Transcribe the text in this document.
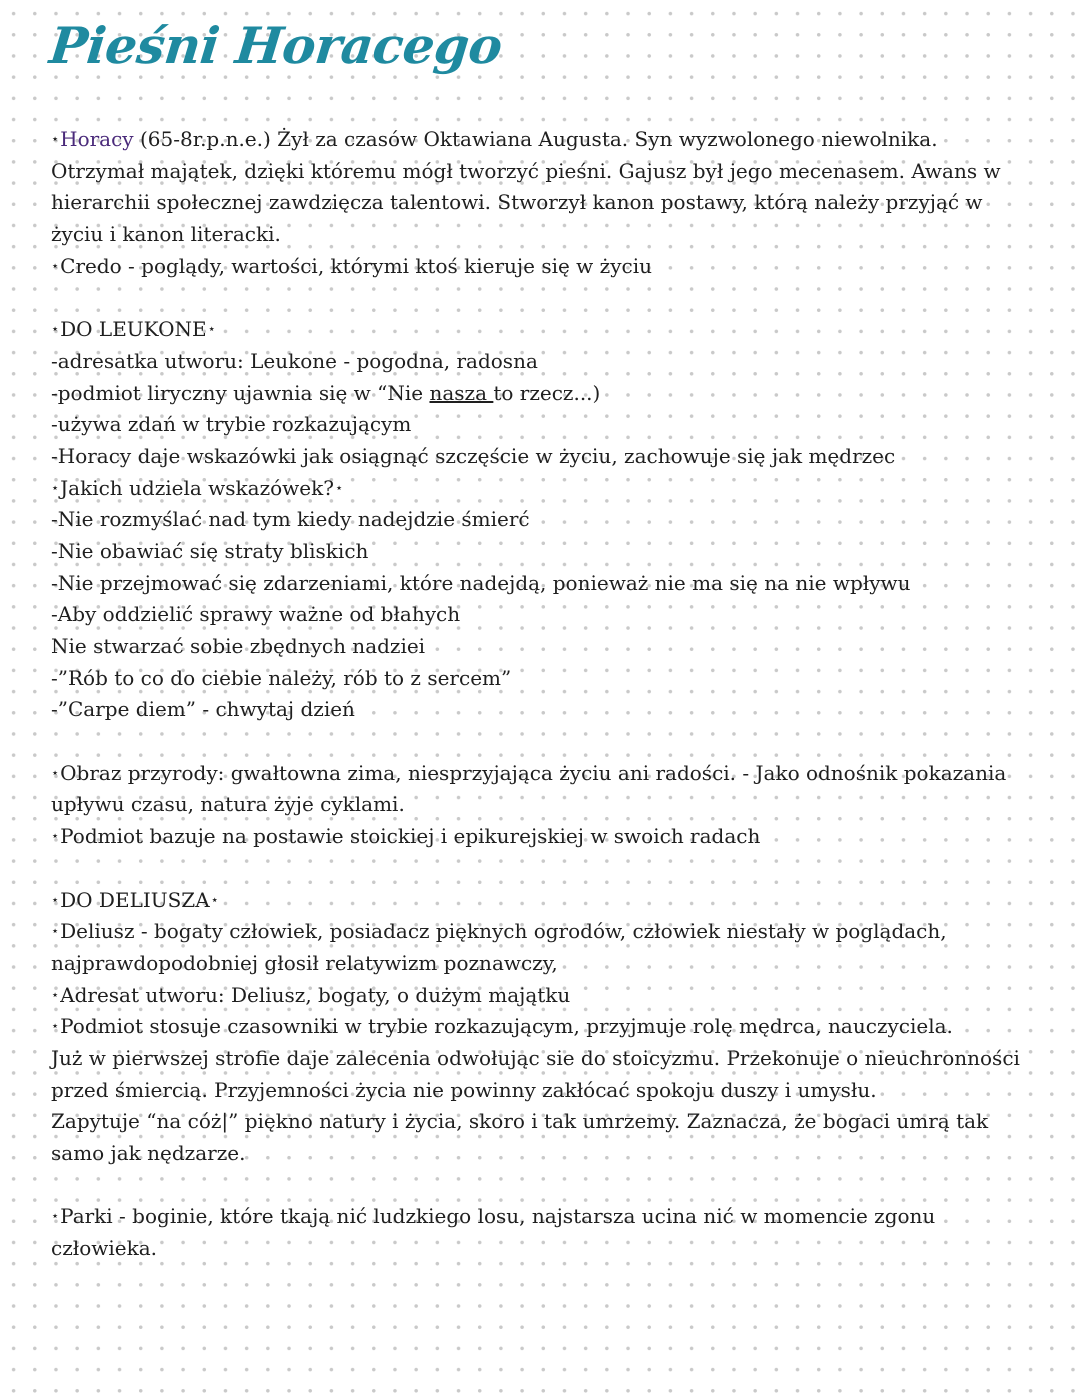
Pieśni Horacego
⋆Horacy (65-8r.p.n.e.) Żył za czasów Oktawiana Augusta. Syn wyzwolonego niewolnika.
Otrzymał majątek, dzięki któremu mógł tworzyć pieśni. Gajusz był jego mecenasem. Awans w
hierarchii społecznej zawdzięcza talentowi. Stworzył kanon postawy, którą należy przyjąć w
życiu i kanon literacki.
⋆Credo - poglądy, wartości, którymi ktoś kieruje się w życiu
⋆DO LEUKONE⋆
-adresatka utworu: Leukone - pogodna, radosna
-podmiot liryczny ujawnia się w “Nie nasza to rzecz...)
-używa zdań w trybie rozkazującym
-Horacy daje wskazówki jak osiągnąć szczęście w życiu, zachowuje się jak mędrzec
⋆Jakich udziela wskazówek?⋆
-Nie rozmyślać nad tym kiedy nadejdzie śmierć
-Nie obawiać się straty bliskich
-Nie przejmować się zdarzeniami, które nadejdą, ponieważ nie ma się na nie wpływu
-Aby oddzielić sprawy ważne od błahych
Nie stwarzać sobie zbędnych nadziei
-”Rób to co do ciebie należy, rób to z sercem”
-”Carpe diem” - chwytaj dzień
⋆Obraz przyrody: gwałtowna zima, niesprzyjająca życiu ani radości. - Jako odnośnik pokazania
upływu czasu, natura żyje cyklami.
⋆Podmiot bazuje na postawie stoickiej i epikurejskiej w swoich radach
⋆DO DELIUSZA⋆
⋆Deliusz - bogaty człowiek, posiadacz pięknych ogrodów, człowiek niestały w poglądach,
najprawdopodobniej głosił relatywizm poznawczy,
⋆Adresat utworu: Deliusz, bogaty, o dużym majątku
⋆Podmiot stosuje czasowniki w trybie rozkazującym, przyjmuje rolę mędrca, nauczyciela.
Już w pierwszej strofie daje zalecenia odwołując sie do stoicyzmu. Przekonuje o nieuchronności
przed śmiercią. Przyjemności życia nie powinny zakłócać spokoju duszy i umysłu.
Zapytuje “na cóż|” piękno natury i życia, skoro i tak umrzemy. Zaznacza, że bogaci umrą tak
samo jak nędzarze.
⋆Parki - boginie, które tkają nić ludzkiego losu, najstarsza ucina nić w momencie zgonu
człowieka.
